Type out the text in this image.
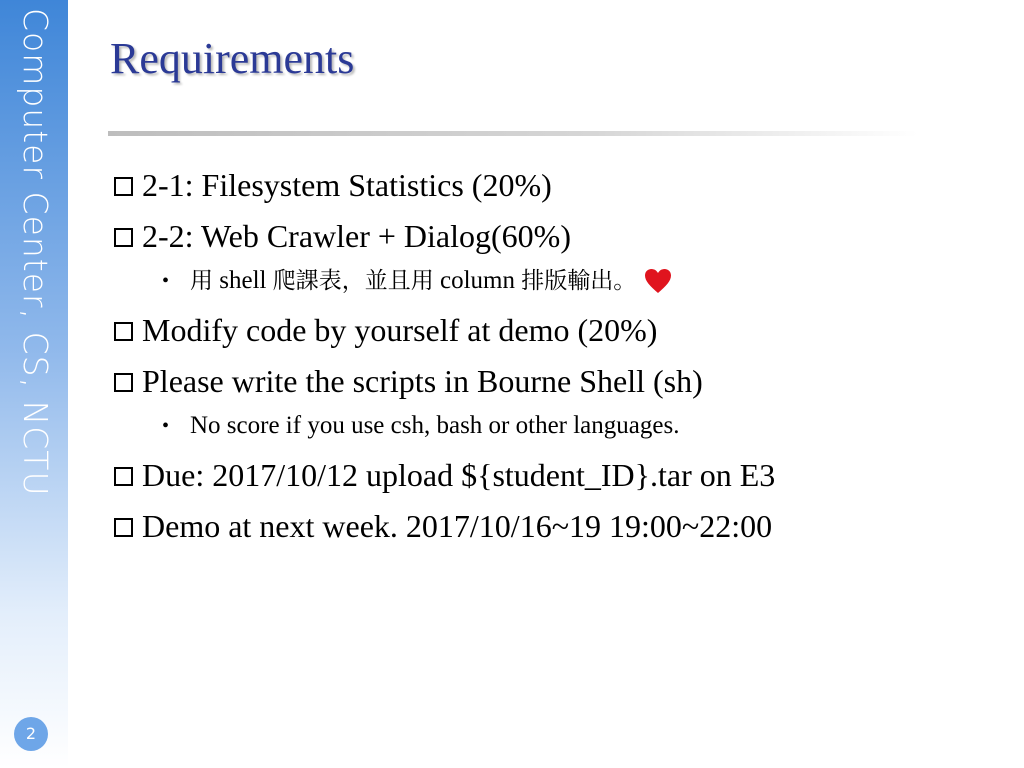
Computer Center, CS, NCTU
2
Requirements
2-1: Filesystem Statistics (20%)
2-2: Web Crawler + Dialog(60%)
• 用 shell 爬課表，並且用 column 排版輸出。
Modify code by yourself at demo (20%)
Please write the scripts in Bourne Shell (sh)
• No score if you use csh, bash or other languages.
Due: 2017/10/12 upload ${student_ID}.tar on E3
Demo at next week. 2017/10/16~19 19:00~22:00
